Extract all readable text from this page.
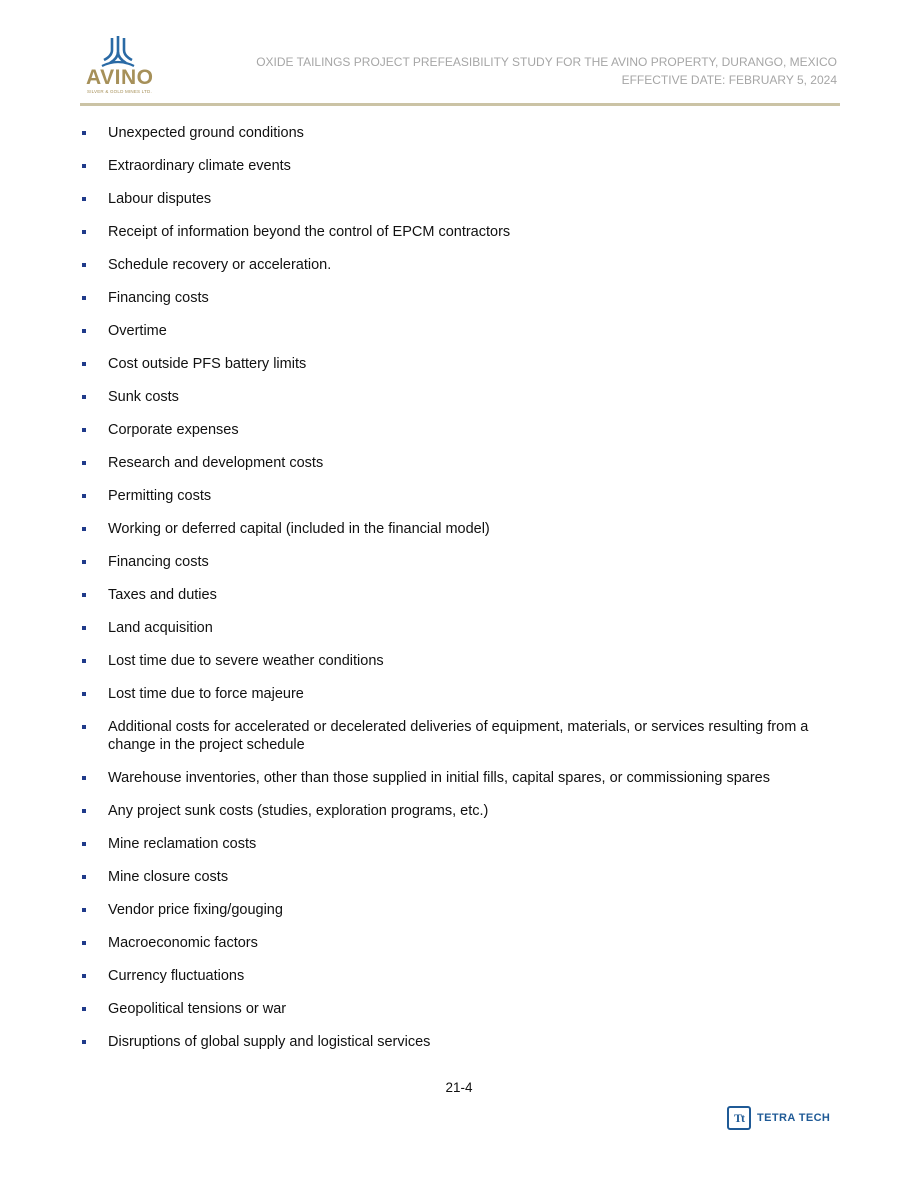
AVINO
SILVER & GOLD MINES LTD.
OXIDE TAILINGS PROJECT PREFEASIBILITY STUDY FOR THE AVINO PROPERTY, DURANGO, MEXICO
EFFECTIVE DATE: FEBRUARY 5, 2024
Unexpected ground conditions
Extraordinary climate events
Labour disputes
Receipt of information beyond the control of EPCM contractors
Schedule recovery or acceleration.
Financing costs
Overtime
Cost outside PFS battery limits
Sunk costs
Corporate expenses
Research and development costs
Permitting costs
Working or deferred capital (included in the financial model)
Financing costs
Taxes and duties
Land acquisition
Lost time due to severe weather conditions
Lost time due to force majeure
Additional costs for accelerated or decelerated deliveries of equipment, materials, or services resulting from a change in the project schedule
Warehouse inventories, other than those supplied in initial fills, capital spares, or commissioning spares
Any project sunk costs (studies, exploration programs, etc.)
Mine reclamation costs
Mine closure costs
Vendor price fixing/gouging
Macroeconomic factors
Currency fluctuations
Geopolitical tensions or war
Disruptions of global supply and logistical services
21-4
Tt	TETRA TECH
